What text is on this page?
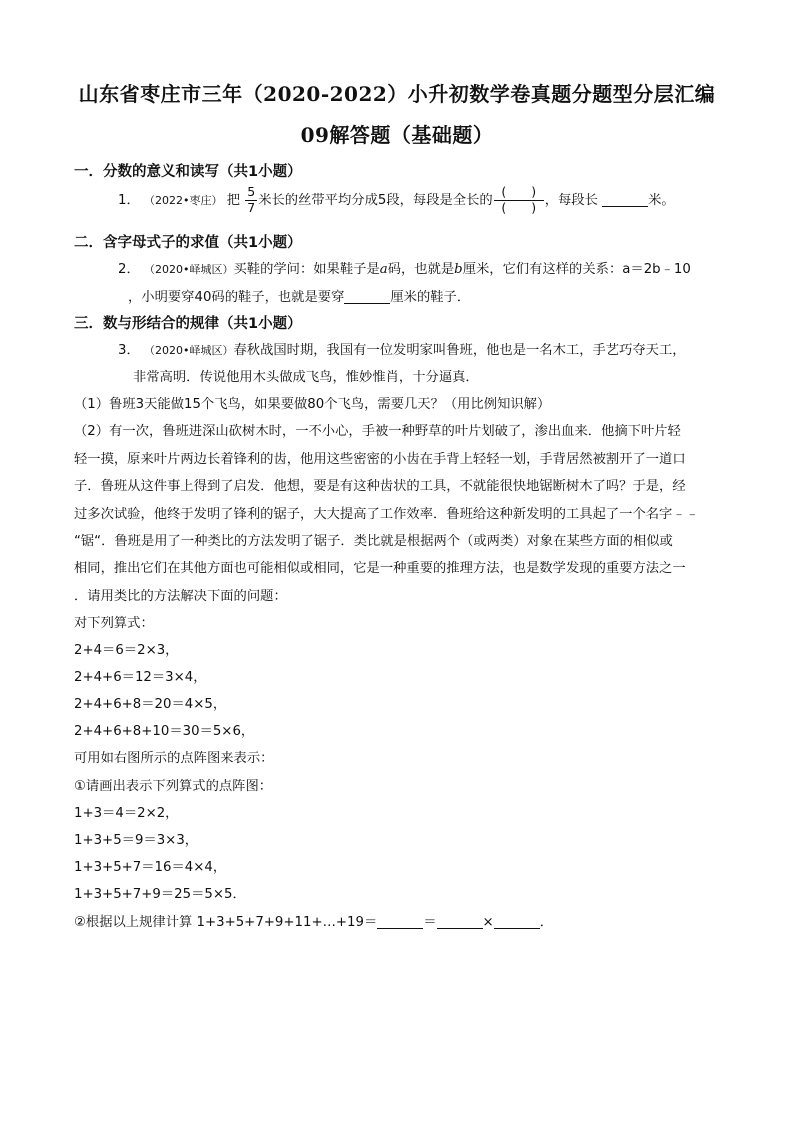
山东省枣庄市三年（2020-2022）小升初数学卷真题分题型分层汇编
09解答题（基础题）
一．分数的意义和读写（共1小题）
1． （2022•枣庄） 把 $\frac{5}{7}$ 米长的丝带平均分成5段，每段是全长的 $\frac{( )}{( )}$ ，每段长	米。
二．含字母式子的求值（共1小题）
2． （2020•峄城区）买鞋的学问：如果鞋子是a码，也就是b厘米，它们有这样的关系：a＝2b﹣10
，小明要穿40码的鞋子，也就是要穿	厘米的鞋子．
三．数与形结合的规律（共1小题）
3． （2020•峄城区）春秋战国时期，我国有一位发明家叫鲁班，他也是一名木工，手艺巧夺天工，
非常高明．传说他用木头做成飞鸟，惟妙惟肖，十分逼真．
（1）鲁班3天能做15个飞鸟，如果要做80个飞鸟，需要几天？（用比例知识解）
（2）有一次，鲁班进深山砍树木时，一不小心，手被一种野草的叶片划破了，渗出血来．他摘下叶片轻
轻一摸，原来叶片两边长着锋利的齿，他用这些密密的小齿在手背上轻轻一划，手背居然被割开了一道口
子．鲁班从这件事上得到了启发．他想，要是有这种齿状的工具，不就能很快地锯断树木了吗？于是，经
过多次试验，他终于发明了锋利的锯子，大大提高了工作效率．鲁班给这种新发明的工具起了一个名字﹣﹣
“锯“．鲁班是用了一种类比的方法发明了锯子．类比就是根据两个（或两类）对象在某些方面的相似或
相同，推出它们在其他方面也可能相似或相同，它是一种重要的推理方法，也是数学发现的重要方法之一
．请用类比的方法解决下面的问题：
对下列算式：
2+4＝6＝2×3，
2+4+6＝12＝3×4，
2+4+6+8＝20＝4×5，
2+4+6+8+10＝30＝5×6，
可用如右图所示的点阵图来表示：
①请画出表示下列算式的点阵图：
1+3＝4＝2×2，
1+3+5＝9＝3×3，
1+3+5+7＝16＝4×4，
1+3+5+7+9＝25＝5×5．
②根据以上规律计算 1+3+5+7+9+11+…+19＝	＝	×	．
